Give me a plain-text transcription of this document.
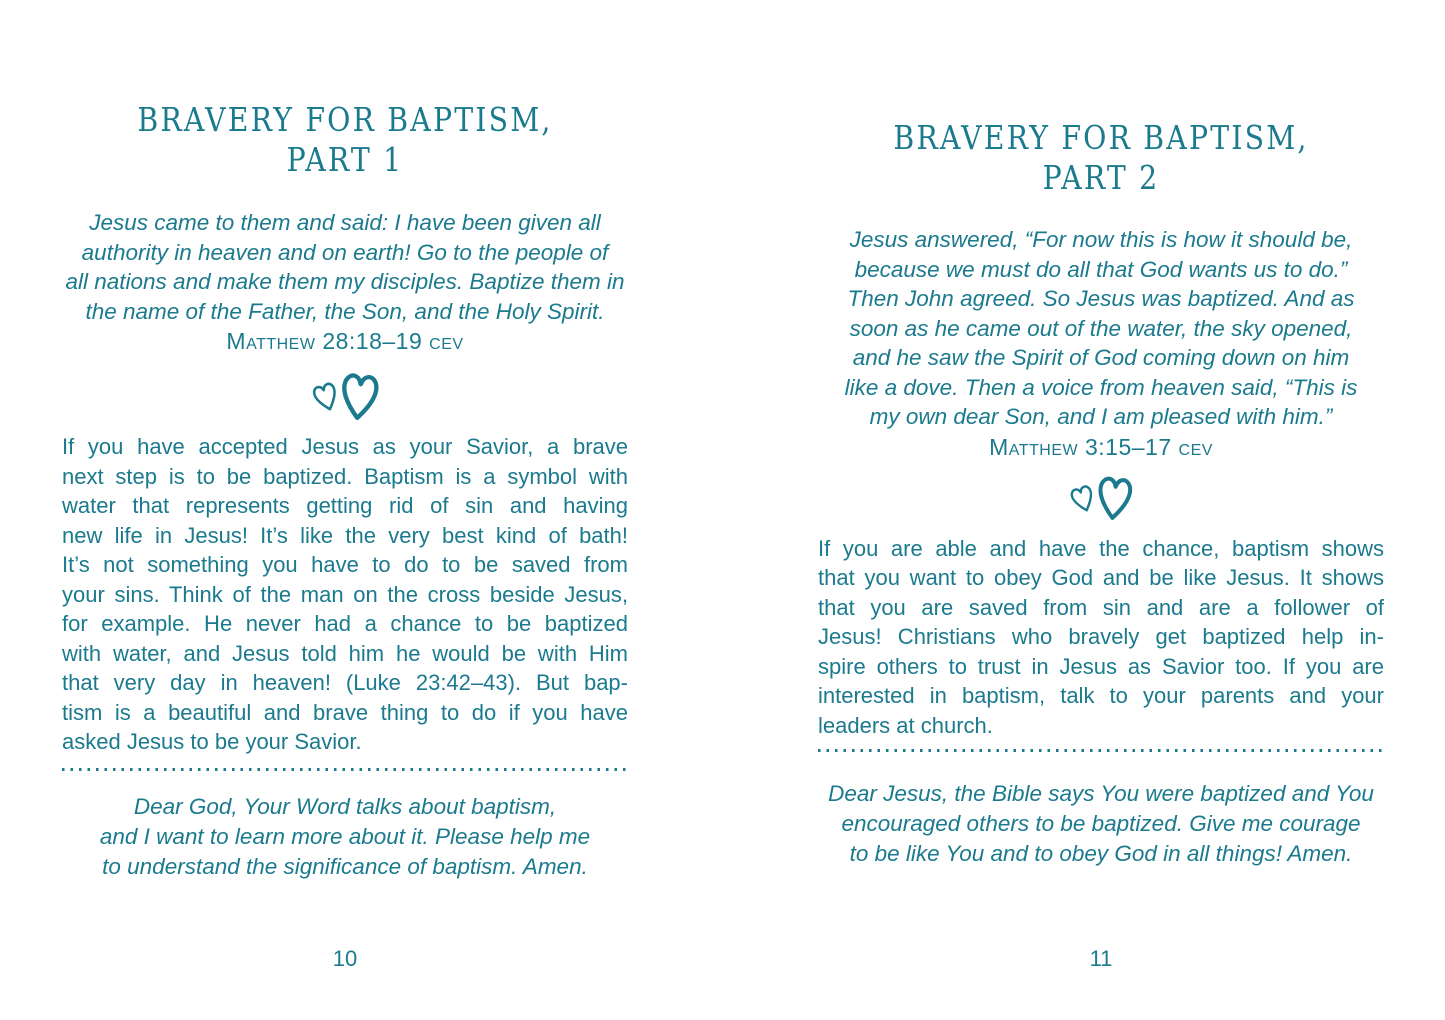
BRAVERY FOR BAPTISM,
PART 1
Jesus came to them and said: I have been given all
authority in heaven and on earth! Go to the people of
all nations and make them my disciples. Baptize them in
the name of the Father, the Son, and the Holy Spirit.
Matthew 28:18–19 cev
If you have accepted Jesus as your Savior, a brave
next step is to be baptized. Baptism is a symbol with
water that represents getting rid of sin and having
new life in Jesus! It’s like the very best kind of bath!
It’s not something you have to do to be saved from
your sins. Think of the man on the cross beside Jesus,
for example. He never had a chance to be baptized
with water, and Jesus told him he would be with Him
that very day in heaven! (Luke 23:42–43). But bap-
tism is a beautiful and brave thing to do if you have
asked Jesus to be your Savior.
Dear God, Your Word talks about baptism,
and I want to learn more about it. Please help me
to understand the significance of baptism. Amen.
10
BRAVERY FOR BAPTISM,
PART 2
Jesus answered, “For now this is how it should be,
because we must do all that God wants us to do.”
Then John agreed. So Jesus was baptized. And as
soon as he came out of the water, the sky opened,
and he saw the Spirit of God coming down on him
like a dove. Then a voice from heaven said, “This is
my own dear Son, and I am pleased with him.”
Matthew 3:15–17 cev
If you are able and have the chance, baptism shows
that you want to obey God and be like Jesus. It shows
that you are saved from sin and are a follower of
Jesus! Christians who bravely get baptized help in-
spire others to trust in Jesus as Savior too. If you are
interested in baptism, talk to your parents and your
leaders at church.
Dear Jesus, the Bible says You were baptized and You
encouraged others to be baptized. Give me courage
to be like You and to obey God in all things! Amen.
11
